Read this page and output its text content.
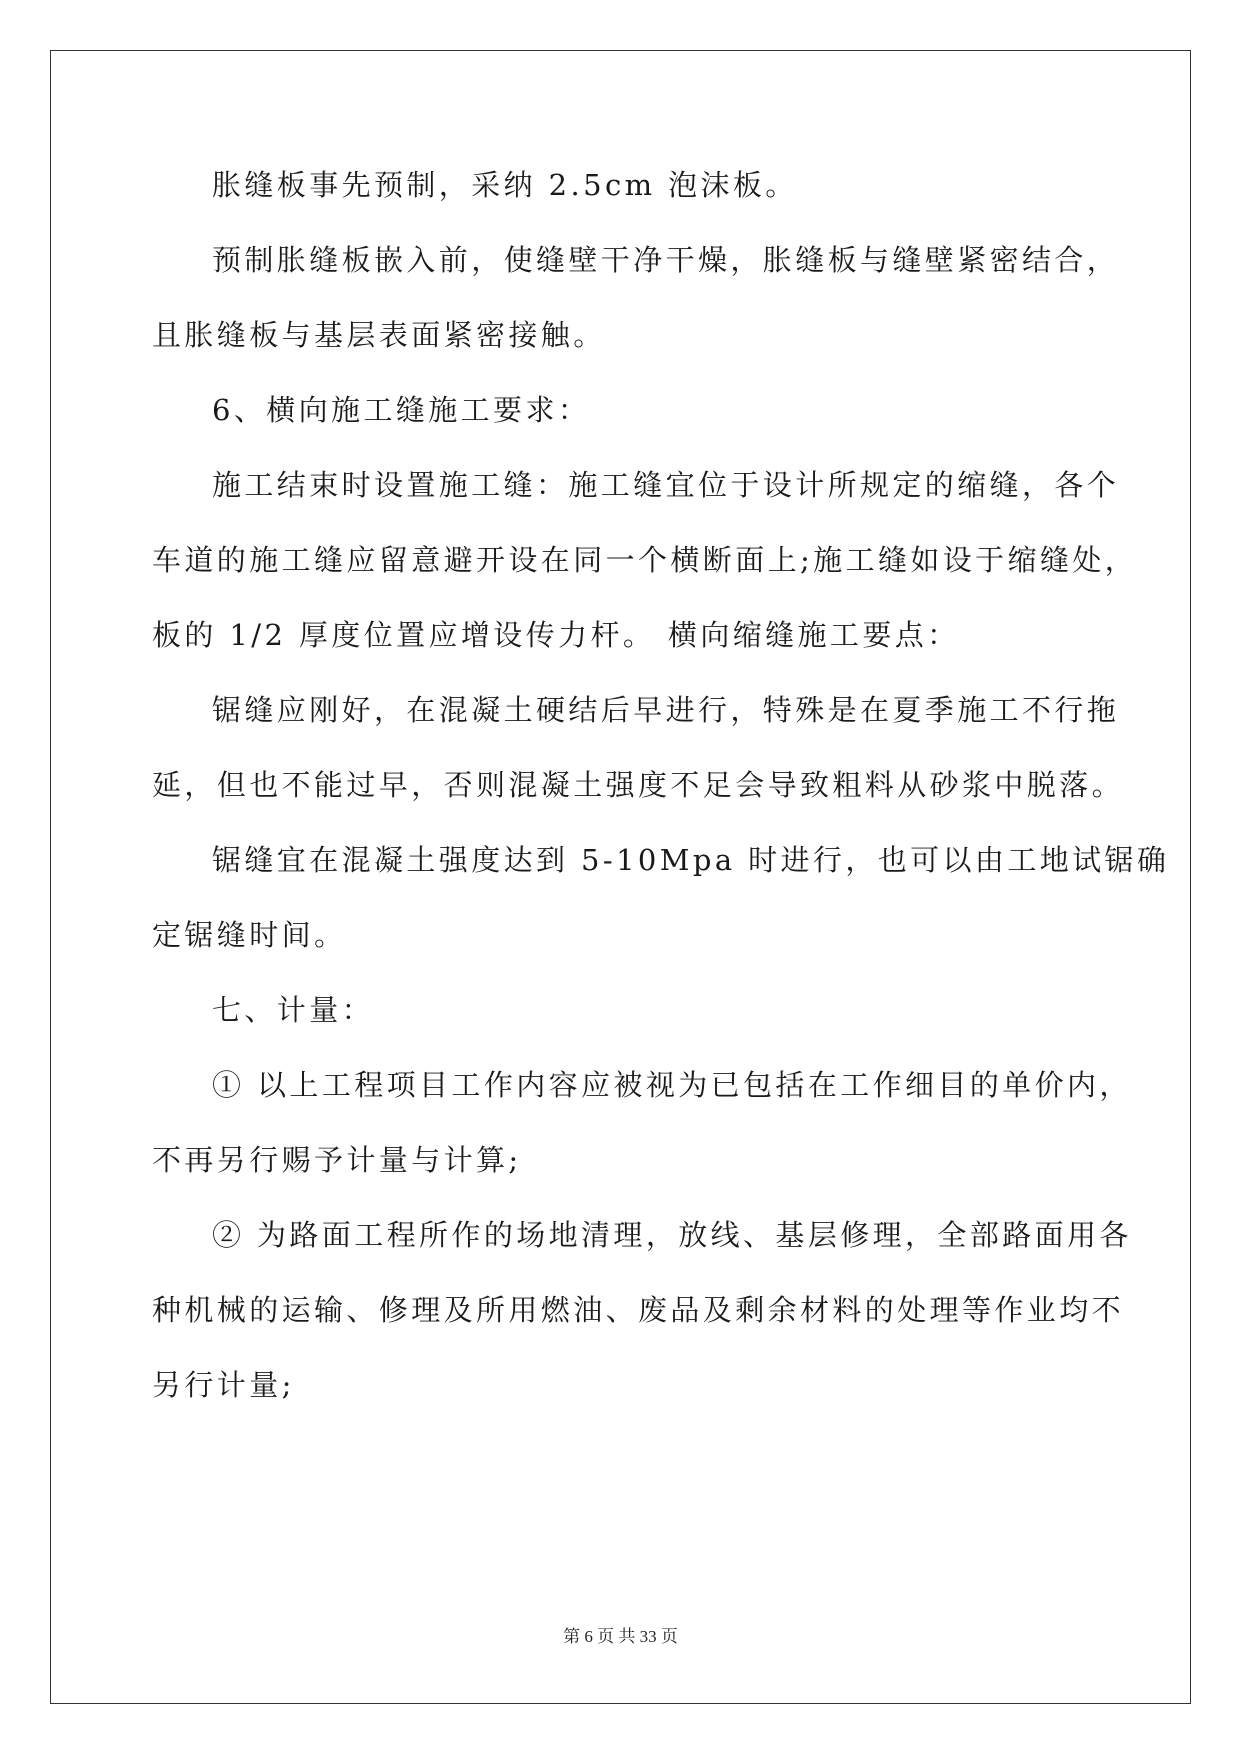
胀缝板事先预制，采纳 2.5cm 泡沫板。
预制胀缝板嵌入前，使缝壁干净干燥，胀缝板与缝壁紧密结合，
且胀缝板与基层表面紧密接触。
6、横向施工缝施工要求：
施工结束时设置施工缝：施工缝宜位于设计所规定的缩缝，各个
车道的施工缝应留意避开设在同一个横断面上;施工缝如设于缩缝处，
板的 1/2 厚度位置应增设传力杆。 横向缩缝施工要点：
锯缝应刚好，在混凝土硬结后早进行，特殊是在夏季施工不行拖
延，但也不能过早，否则混凝土强度不足会导致粗料从砂浆中脱落。
锯缝宜在混凝土强度达到 5-10Mpa 时进行，也可以由工地试锯确
定锯缝时间。
七、计量：
① 以上工程项目工作内容应被视为已包括在工作细目的单价内，
不再另行赐予计量与计算;
② 为路面工程所作的场地清理，放线、基层修理，全部路面用各
种机械的运输、修理及所用燃油、废品及剩余材料的处理等作业均不
另行计量;
第 6 页 共 33 页
